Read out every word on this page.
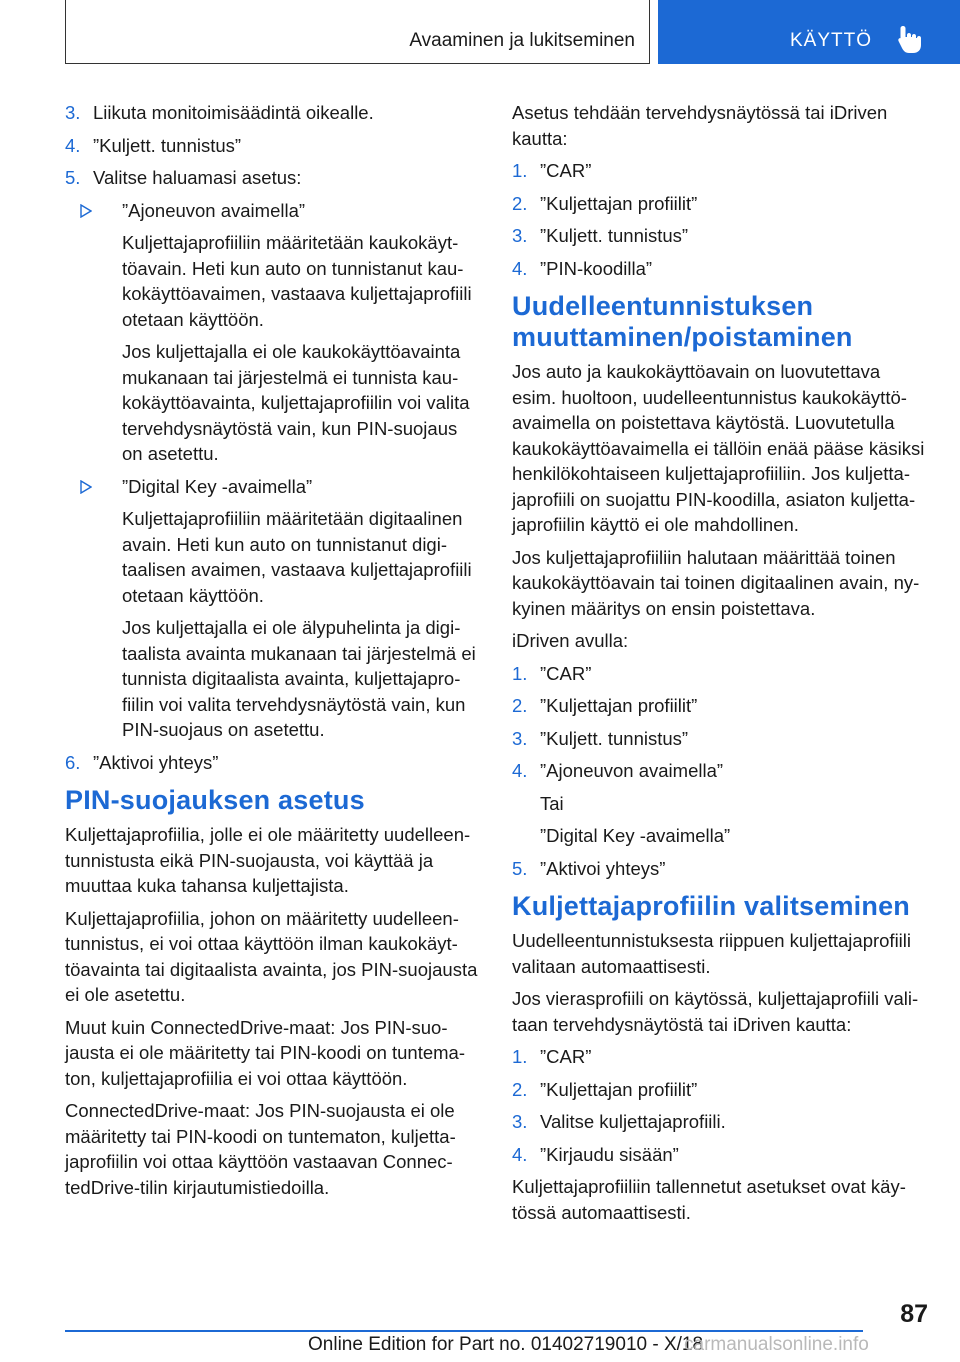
Avaaminen ja lukitseminen	KÄYTTÖ
3. Liikuta monitoimisäädintä oikealle.
4. ”Kuljett. tunnistus”
5. Valitse haluamasi asetus:
”Ajoneuvon avaimella”

Kuljettajaprofiiliin määritetään kaukokäyttöavain. Heti kun auto on tunnistanut kaukokäyttöavaimen, vastaava kuljettajaprofiili otetaan käyttöön.

Jos kuljettajalla ei ole kaukokäyttöavainta mukanaan tai järjestelmä ei tunnista kaukokäyttöavainta, kuljettajaprofiilin voi valita tervehdysnäytöstä vain, kun PIN-suojaus on asetettu.

”Digital Key -avaimella”

Kuljettajaprofiiliin määritetään digitaalinen avain. Heti kun auto on tunnistanut digitaalisen avaimen, vastaava kuljettajaprofiili otetaan käyttöön.

Jos kuljettajalla ei ole älypuhelinta ja digitaalista avainta mukanaan tai järjestelmä ei tunnista digitaalista avainta, kuljettajaprofiilin voi valita tervehdysnäytöstä vain, kun PIN-suojaus on asetettu.

6. ”Aktivoi yhteys”
PIN-suojauksen asetus

Kuljettajaprofiilia, jolle ei ole määritetty uudelleentunnistusta eikä PIN-suojausta, voi käyttää ja muuttaa kuka tahansa kuljettajista.

Kuljettajaprofiilia, johon on määritetty uudelleentunnistus, ei voi ottaa käyttöön ilman kaukokäyttöavainta tai digitaalista avainta, jos PIN-suojausta ei ole asetettu.

Muut kuin ConnectedDrive-maat: Jos PIN-suojausta ei ole määritetty tai PIN-koodi on tuntematon, kuljettajaprofiilia ei voi ottaa käyttöön.

ConnectedDrive-maat: Jos PIN-suojausta ei ole määritetty tai PIN-koodi on tuntematon, kuljettajaprofiilin voi ottaa käyttöön vastaavan ConnectedDrive-tilin kirjautumistiedoilla.

Asetus tehdään tervehdysnäytössä tai iDriven kautta:

1. ”CAR”
2. ”Kuljettajan profiilit”
3. ”Kuljett. tunnistus”
4. ”PIN-koodilla”
Uudelleentunnistuksen muuttaminen/poistaminen

Jos auto ja kaukokäyttöavain on luovutettava esim. huoltoon, uudelleentunnistus kaukokäyttöavaimella on poistettava käytöstä. Luovutetulla kaukokäyttöavaimella ei tällöin enää pääse käsiksi henkilökohtaiseen kuljettajaprofiiliin. Jos kuljettajaprofiili on suojattu PIN-koodilla, asiaton kuljettajaprofiilin käyttö ei ole mahdollinen.

Jos kuljettajaprofiiliin halutaan määrittää toinen kaukokäyttöavain tai toinen digitaalinen avain, nykyinen määritys on ensin poistettava.

iDriven avulla:

1. ”CAR”
2. ”Kuljettajan profiilit”
3. ”Kuljett. tunnistus”
4. ”Ajoneuvon avaimella”

Tai

”Digital Key -avaimella”

5. ”Aktivoi yhteys”
Kuljettajaprofiilin valitseminen

Uudelleentunnistuksesta riippuen kuljettajaprofiili valitaan automaattisesti.

Jos vierasprofiili on käytössä, kuljettajaprofiili valitaan tervehdysnäytöstä tai iDriven kautta:

1. ”CAR”
2. ”Kuljettajan profiilit”
3. Valitse kuljettajaprofiili.
4. ”Kirjaudu sisään”

Kuljettajaprofiiliin tallennetut asetukset ovat käytössä automaattisesti.

87
Online Edition for Part no. 01402719010 - X/18
carmanualsonline.info
